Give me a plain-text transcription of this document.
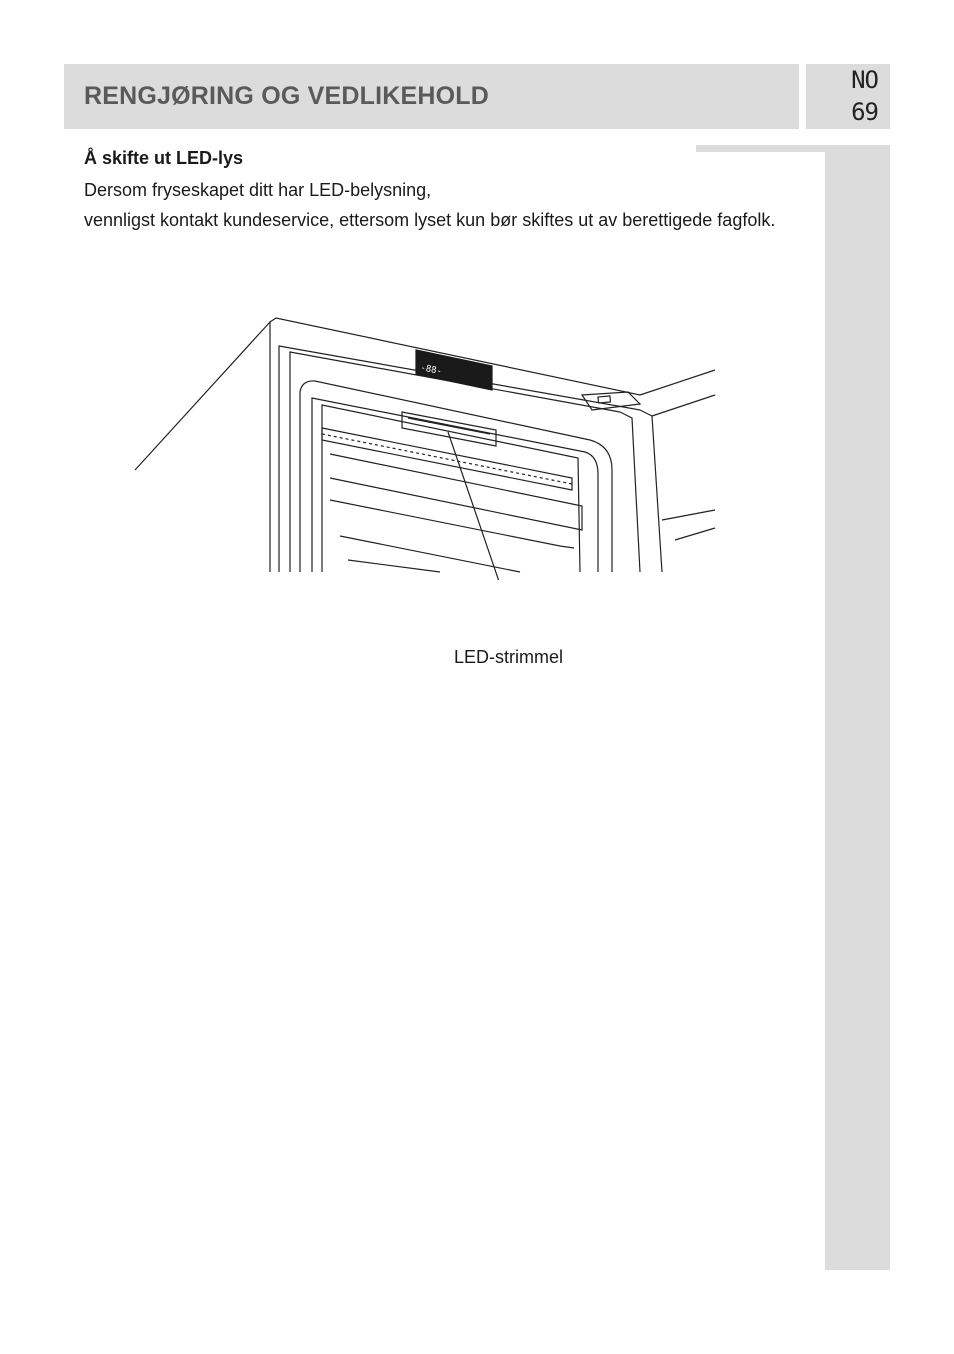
RENGJØRING OG VEDLIKEHOLD
NO
69
Å skifte ut LED-lys

Dersom fryseskapet ditt har LED-belysning,

vennligst kontakt kundeservice, ettersom lyset kun bør skiftes ut av berettigede fagfolk.

-88-
LED-strimmel
